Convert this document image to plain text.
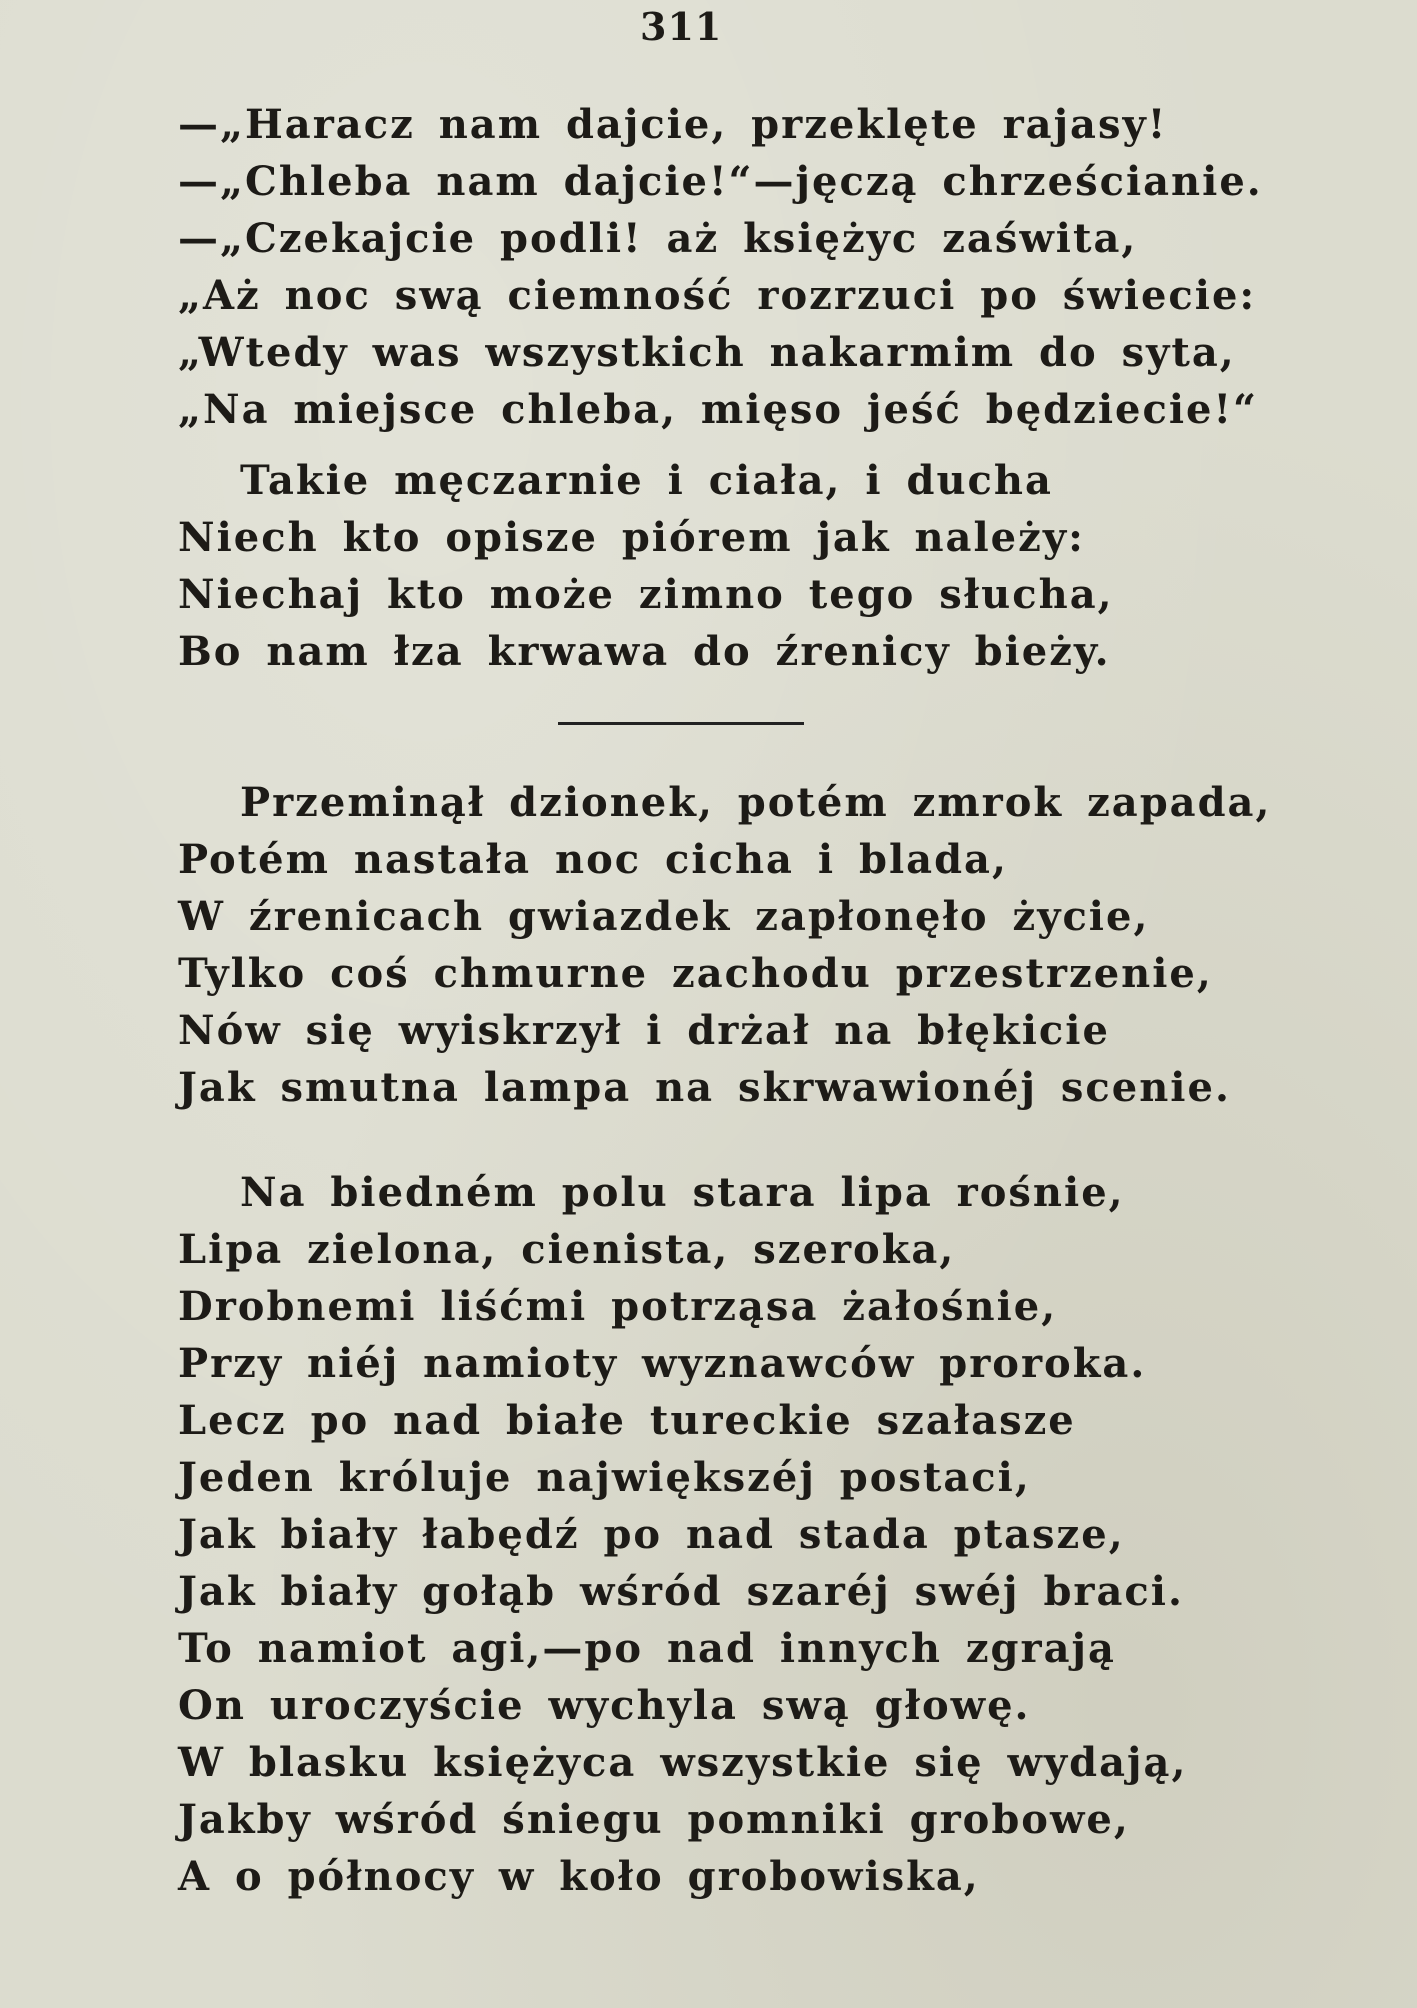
311
—„Haracz nam dajcie, przeklęte rajasy!
—„Chleba nam dajcie!“—jęczą chrześcianie.
—„Czekajcie podli! aż księżyc zaświta,
„Aż noc swą ciemność rozrzuci po świecie:
„Wtedy was wszystkich nakarmim do syta,
„Na miejsce chleba, mięso jeść będziecie!“
Takie męczarnie i ciała, i ducha
Niech kto opisze piórem jak należy:
Niechaj kto może zimno tego słucha,
Bo nam łza krwawa do źrenicy bieży.
Przeminął dzionek, potém zmrok zapada,
Potém nastała noc cicha i blada,
W źrenicach gwiazdek zapłonęło życie,
Tylko coś chmurne zachodu przestrzenie,
Nów się wyiskrzył i drżał na błękicie
Jak smutna lampa na skrwawionéj scenie.
Na biedném polu stara lipa rośnie,
Lipa zielona, cienista, szeroka,
Drobnemi liśćmi potrząsa żałośnie,
Przy niéj namioty wyznawców proroka.
Lecz po nad białe tureckie szałasze
Jeden króluje największéj postaci,
Jak biały łabędź po nad stada ptasze,
Jak biały gołąb wśród szaréj swéj braci.
To namiot agi,—po nad innych zgrają
On uroczyście wychyla swą głowę.
W blasku księżyca wszystkie się wydają,
Jakby wśród śniegu pomniki grobowe,
A o północy w koło grobowiska,
